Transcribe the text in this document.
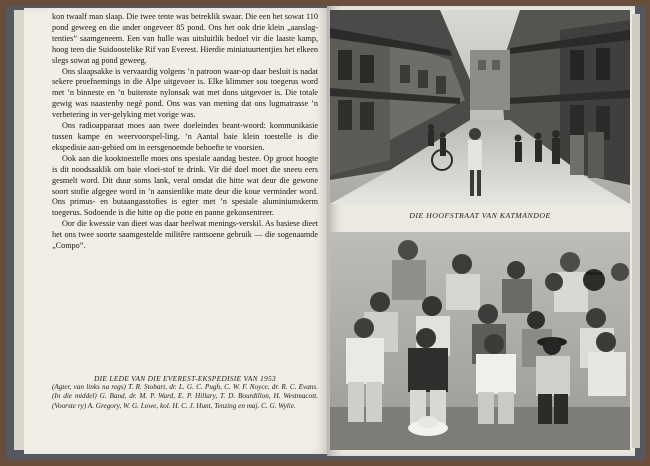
kon twaalf man slaap. Die twee tente was betreklik swaar. Die een het sowat 110 pond geweeg en die ander ongeveer 85 pond. Ons het ook drie klein „aanslag-tenties” saamgeneem. Een van hulle was uitsluitlik bedoel vir die laaste kamp, hoog teen die Suidoostelike Rif van Everest. Hierdie miniatuurtentjies het elkeen slegs sowat ag pond geweeg.

Ons slaapsakke is vervaardig volgens ’n patroon waar-op daar besluit is nadat sekere proefnemings in die Alpe uitgevoer is. Elke klimmer sou toegerus word met ’n binneste en ’n buitenste nylonsak wat met dons uitgevoer is. Die totale gewig was naastenby negé pond. Ons was van mening dat ons lugmatrasse ’n verbetering in ver-gelyking met vorige was.

Ons radioapparaat moes aan twee doeleindes beant-woord: kommunikasie tussen kampe en weervoorspel-ling. ’n Aantal baie klein toestelle is die ekspedisie aan-gebied om in eersgenoemde behoefte te voorsien.

Ook aan die kooktoestelle moes ons spesiale aandag bestee. Op groot hoogte is dit noodsaaklik om baie vloei-stof te drink. Vir dié doel moet die sneeu eers gesmelt word. Dit duur soms lank, veral omdat die hitte wat deur die gewone soort stofie afgegee word in ’n aansienlike mate deur die koue verminder word. Ons primus- en butaangasstofies is egter met ’n spesiale aluminiumskerm toegerus. Sodoende is die hitte op die potte en panne gekonsentreer.

Oor die kwessie van dieet was daar heelwat menings-verskil. As basiese dieet het ons twee soorte saamgestelde militêre rantsoene gebruik — die sogenaamde „Compo”.

DIE LEDE VAN DIE EVEREST-EKSPEDISIE VAN 1953

(Agter, van links na regs) T. R. Stobart, dr. L. G. C. Pugh, C. W. F. Noyce, dr. R. C. Evans. (In die middel) G. Band, dr. M. P. Ward, E. P. Hillary, T. D. Bourdillon, H. Westmacott. (Voorste ry) A. Gregory, W. G. Lowe, kol. H. C. J. Hunt, Tenzing en maj. C. G. Wylie.

DIE HOOFSTRAAT VAN KATMANDOE
